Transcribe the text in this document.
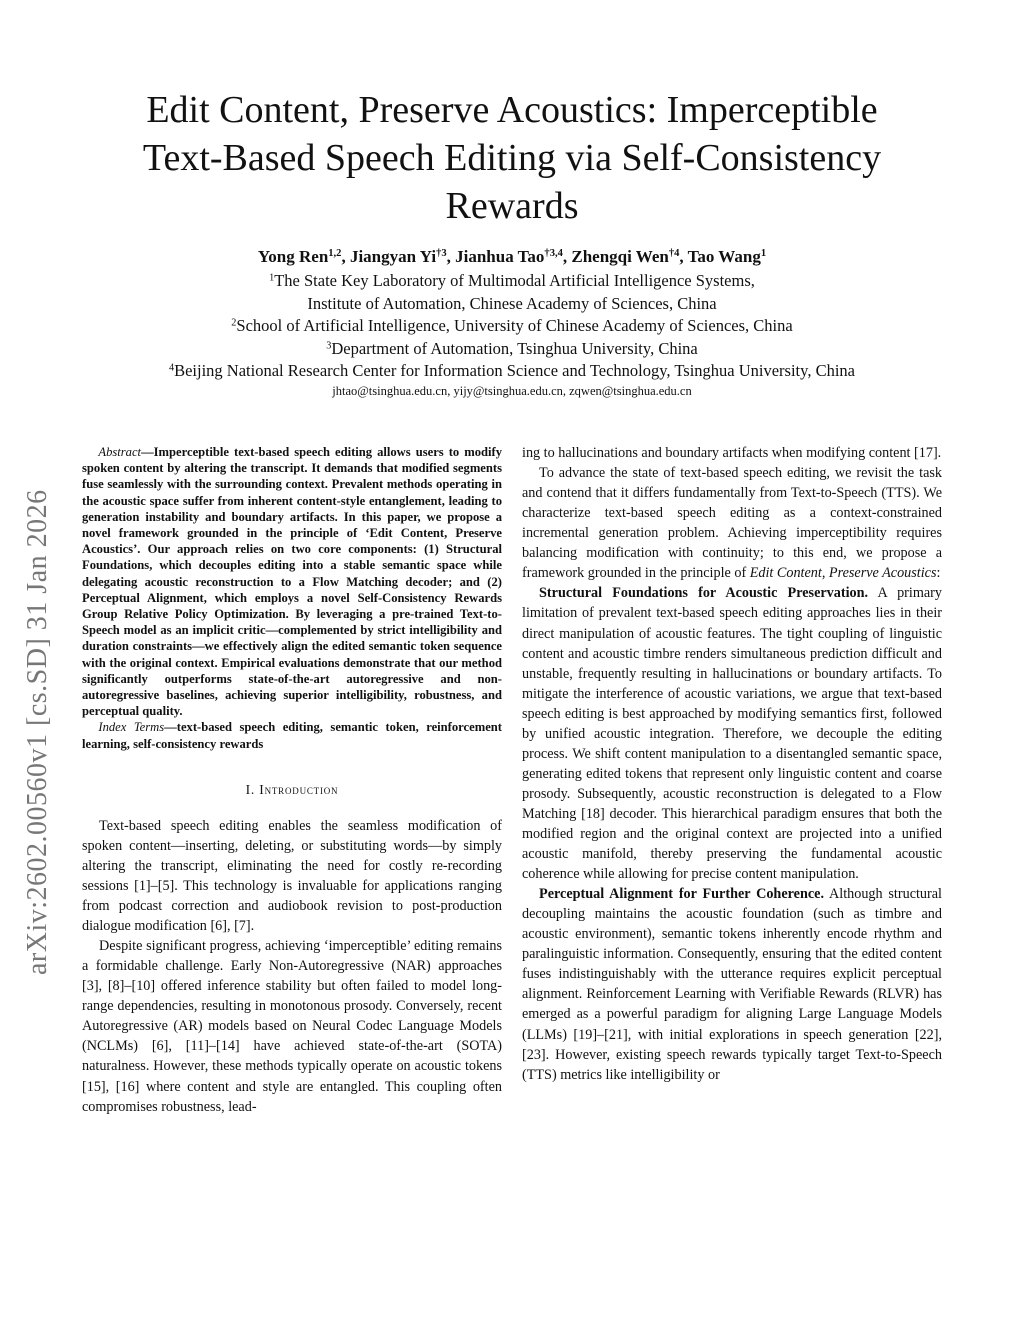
arXiv:2602.00560v1 [cs.SD] 31 Jan 2026
Edit Content, Preserve Acoustics: Imperceptible
Text-Based Speech Editing via Self-Consistency
Rewards
Yong Ren$^{1,2}$, Jiangyan Yi$^{\dagger 3}$, Jianhua Tao$^{\dagger 3,4}$, Zhengqi Wen$^{\dagger 4}$, Tao Wang$^1$
$^1$The State Key Laboratory of Multimodal Artificial Intelligence Systems,
Institute of Automation, Chinese Academy of Sciences, China
$^2$School of Artificial Intelligence, University of Chinese Academy of Sciences, China
$^3$Department of Automation, Tsinghua University, China
$^4$Beijing National Research Center for Information Science and Technology, Tsinghua University, China
jhtao@tsinghua.edu.cn, yijy@tsinghua.edu.cn, zqwen@tsinghua.edu.cn

Abstract—Imperceptible text-based speech editing allows users to modify spoken content by altering the transcript. It demands that modified segments fuse seamlessly with the surrounding context. Prevalent methods operating in the acoustic space suffer from inherent content-style entanglement, leading to generation instability and boundary artifacts. In this paper, we propose a novel framework grounded in the principle of ‘Edit Content, Preserve Acoustics’. Our approach relies on two core components: (1) Structural Foundations, which decouples editing into a stable semantic space while delegating acoustic reconstruction to a Flow Matching decoder; and (2) Perceptual Alignment, which employs a novel Self-Consistency Rewards Group Relative Policy Optimization. By leveraging a pre-trained Text-to-Speech model as an implicit critic—complemented by strict intelligibility and duration constraints—we effectively align the edited semantic token sequence with the original context. Empirical evaluations demonstrate that our method significantly outperforms state-of-the-art autoregressive and non-autoregressive baselines, achieving superior intelligibility, robustness, and perceptual quality.

Index Terms—text-based speech editing, semantic token, reinforcement learning, self-consistency rewards

I. Introduction

Text-based speech editing enables the seamless modification of spoken content—inserting, deleting, or substituting words—by simply altering the transcript, eliminating the need for costly re-recording sessions [1]–[5]. This technology is invaluable for applications ranging from podcast correction and audiobook revision to post-production dialogue modification [6], [7].

Despite significant progress, achieving ‘imperceptible’ editing remains a formidable challenge. Early Non-Autoregressive (NAR) approaches [3], [8]–[10] offered inference stability but often failed to model long-range dependencies, resulting in monotonous prosody. Conversely, recent Autoregressive (AR) models based on Neural Codec Language Models (NCLMs) [6], [11]–[14] have achieved state-of-the-art (SOTA) naturalness. However, these methods typically operate on acoustic tokens [15], [16] where content and style are entangled. This coupling often compromises robustness, lead-

ing to hallucinations and boundary artifacts when modifying content [17].

To advance the state of text-based speech editing, we revisit the task and contend that it differs fundamentally from Text-to-Speech (TTS). We characterize text-based speech editing as a context-constrained incremental generation problem. Achieving imperceptibility requires balancing modification with continuity; to this end, we propose a framework grounded in the principle of Edit Content, Preserve Acoustics:

Structural Foundations for Acoustic Preservation. A primary limitation of prevalent text-based speech editing approaches lies in their direct manipulation of acoustic features. The tight coupling of linguistic content and acoustic timbre renders simultaneous prediction difficult and unstable, frequently resulting in hallucinations or boundary artifacts. To mitigate the interference of acoustic variations, we argue that text-based speech editing is best approached by modifying semantics first, followed by unified acoustic integration. Therefore, we decouple the editing process. We shift content manipulation to a disentangled semantic space, generating edited tokens that represent only linguistic content and coarse prosody. Subsequently, acoustic reconstruction is delegated to a Flow Matching [18] decoder. This hierarchical paradigm ensures that both the modified region and the original context are projected into a unified acoustic manifold, thereby preserving the fundamental acoustic coherence while allowing for precise content manipulation.

Perceptual Alignment for Further Coherence. Although structural decoupling maintains the acoustic foundation (such as timbre and acoustic environment), semantic tokens inherently encode rhythm and paralinguistic information. Consequently, ensuring that the edited content fuses indistinguishably with the utterance requires explicit perceptual alignment. Reinforcement Learning with Verifiable Rewards (RLVR) has emerged as a powerful paradigm for aligning Large Language Models (LLMs) [19]–[21], with initial explorations in speech generation [22], [23]. However, existing speech rewards typically target Text-to-Speech (TTS) metrics like intelligibility or
